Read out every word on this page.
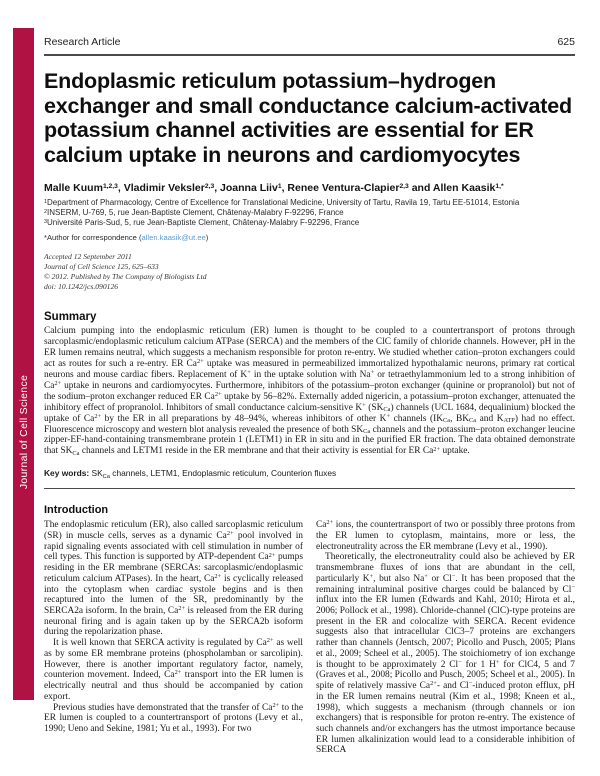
Journal of Cell Science
Research Article	625
Endoplasmic reticulum potassium–hydrogen exchanger and small conductance calcium-activated potassium channel activities are essential for ER calcium uptake in neurons and cardiomyocytes
Malle Kuum$^{1,2,3}$, Vladimir Veksler$^{2,3}$, Joanna Liiv$^1$, Renee Ventura-Clapier$^{2,3}$ and Allen Kaasik$^{1,*}$

$^1$Department of Pharmacology, Centre of Excellence for Translational Medicine, University of Tartu, Ravila 19, Tartu EE-51014, Estonia

$^2$INSERM, U-769, 5, rue Jean-Baptiste Clement, Châtenay-Malabry F-92296, France

$^3$Université Paris-Sud, 5, rue Jean-Baptiste Clement, Châtenay-Malabry F-92296, France

*Author for correspondence (allen.kaasik@ut.ee)
Accepted 12 September 2011
Journal of Cell Science 125, 625–633
© 2012. Published by The Company of Biologists Ltd
doi: 10.1242/jcs.090126
Summary
Calcium pumping into the endoplasmic reticulum (ER) lumen is thought to be coupled to a countertransport of protons through sarcoplasmic/endoplasmic reticulum calcium ATPase (SERCA) and the members of the ClC family of chloride channels. However, pH in the ER lumen remains neutral, which suggests a mechanism responsible for proton re-entry. We studied whether cation–proton exchangers could act as routes for such a re-entry. ER $Ca^{2+}$ uptake was measured in permeabilized immortalized hypothalamic neurons, primary rat cortical neurons and mouse cardiac fibers. Replacement of K+ in the uptake solution with Na+ or tetraethylammonium led to a strong inhibition of $Ca^{2+}$ uptake in neurons and cardiomyocytes. Furthermore, inhibitors of the potassium–proton exchanger (quinine or propranolol) but not of the sodium–proton exchanger reduced ER $Ca^{2+}$ uptake by 56–82%. Externally added nigericin, a potassium–proton exchanger, attenuated the inhibitory effect of propranolol. Inhibitors of small conductance calcium-sensitive K+ $(SK_{Ca})$ channels (UCL 1684, dequalinium) blocked the uptake of $Ca^{2+}$ by the ER in all preparations by 48–94%, whereas inhibitors of other K+ channels ($IK_{Ca}$, $BK_{Ca}$ and $K_{ATP}$) had no effect. Fluorescence microscopy and western blot analysis revealed the presence of both $SK_{Ca}$ channels and the potassium–proton exchanger leucine zipper-EF-hand-containing transmembrane protein 1 (LETM1) in ER in situ and in the purified ER fraction. The data obtained demonstrate that $SK_{Ca}$ channels and LETM1 reside in the ER membrane and that their activity is essential for ER $Ca^{2+}$ uptake.
Key words: $SK_{Ca}$ channels, LETM1, Endoplasmic reticulum, Counterion fluxes
Introduction

The endoplasmic reticulum (ER), also called sarcoplasmic reticulum (SR) in muscle cells, serves as a dynamic $Ca^{2+}$ pool involved in rapid signaling events associated with cell stimulation in number of cell types. This function is supported by ATP-dependent $Ca^{2+}$ pumps residing in the ER membrane (SERCAs: sarcoplasmic/endoplasmic reticulum calcium ATPases). In the heart, $Ca^{2+}$ is cyclically released into the cytoplasm when cardiac systole begins and is then recaptured into the lumen of the SR, predominantly by the SERCA2a isoform. In the brain, $Ca^{2+}$ is released from the ER during neuronal firing and is again taken up by the SERCA2b isoform during the repolarization phase.

It is well known that SERCA activity is regulated by $Ca^{2+}$ as well as by some ER membrane proteins (phospholamban or sarcolipin). However, there is another important regulatory factor, namely, counterion movement. Indeed, $Ca^{2+}$ transport into the ER lumen is electrically neutral and thus should be accompanied by cation export.

Previous studies have demonstrated that the transfer of $Ca^{2+}$ to the ER lumen is coupled to a countertransport of protons (Levy et al., 1990; Ueno and Sekine, 1981; Yu et al., 1993). For two

$Ca^{2+}$ ions, the countertransport of two or possibly three protons from the ER lumen to cytoplasm, maintains, more or less, the electroneutrality across the ER membrane (Levy et al., 1990).

Theoretically, the electroneutrality could also be achieved by ER transmembrane fluxes of ions that are abundant in the cell, particularly K+, but also Na+ or Cl−. It has been proposed that the remaining intraluminal positive charges could be balanced by Cl− influx into the ER lumen (Edwards and Kahl, 2010; Hirota et al., 2006; Pollock et al., 1998). Chloride-channel (ClC)-type proteins are present in the ER and colocalize with SERCA. Recent evidence suggests also that intracellular ClC3–7 proteins are exchangers rather than channels (Jentsch, 2007; Picollo and Pusch, 2005; Plans et al., 2009; Scheel et al., 2005). The stoichiometry of ion exchange is thought to be approximately 2 Cl− for 1 H+ for ClC4, 5 and 7 (Graves et al., 2008; Picollo and Pusch, 2005; Scheel et al., 2005). In spite of relatively massive $Ca^{2+}-$ and Cl−-induced proton efflux, pH in the ER lumen remains neutral (Kim et al., 1998; Kneen et al., 1998), which suggests a mechanism (through channels or ion exchangers) that is responsible for proton re-entry. The existence of such channels and/or exchangers has the utmost importance because ER lumen alkalinization would lead to a considerable inhibition of SERCA
